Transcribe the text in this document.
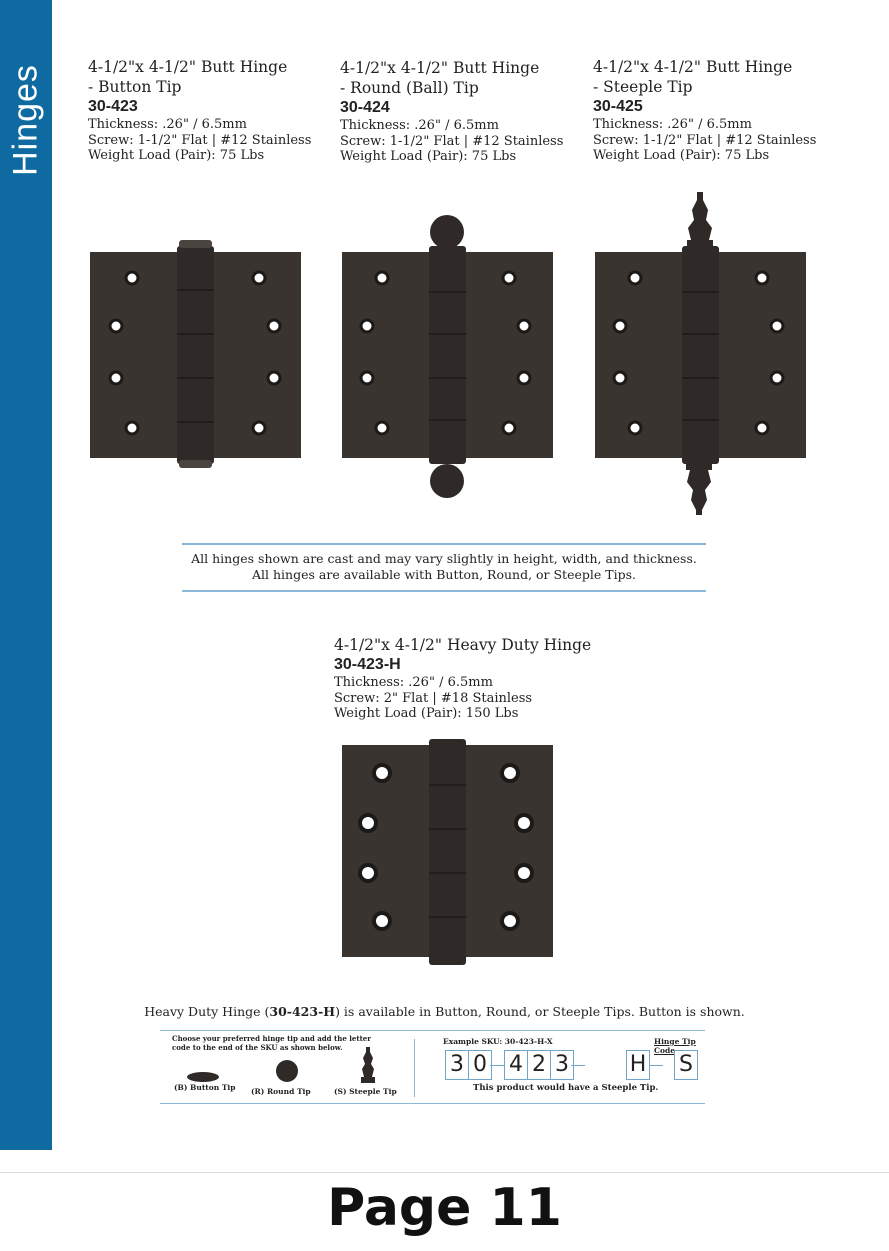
Hinges	4-1/2"x 4-1/2" Butt Hinge
- Button Tip
30-423
Thickness: .26" / 6.5mm
Screw: 1-1/2" Flat | #12 Stainless
Weight Load (Pair): 75 Lbs
4-1/2"x 4-1/2" Butt Hinge
- Round (Ball) Tip
30-424
Thickness: .26" / 6.5mm
Screw: 1-1/2" Flat | #12 Stainless
Weight Load (Pair): 75 Lbs
4-1/2"x 4-1/2" Butt Hinge
- Steeple Tip
30-425
Thickness: .26" / 6.5mm
Screw: 1-1/2" Flat | #12 Stainless
Weight Load (Pair): 75 Lbs
All hinges shown are cast and may vary slightly in height, width, and thickness.
All hinges are available with Button, Round, or Steeple Tips.
4-1/2"x 4-1/2" Heavy Duty Hinge
30-423-H
Thickness: .26" / 6.5mm
Screw: 2" Flat | #18 Stainless
Weight Load (Pair): 150 Lbs
Heavy Duty Hinge (30-423-H) is available in Button, Round, or Steeple Tips. Button is shown.
Choose your preferred hinge tip and add the letter code to the end of the SKU as shown below.
(B) Button Tip (R) Round Tip	(S) Steeple Tip
Example SKU: 30-423-H-X	Hinge Tip Code
3 0 4 2 3	H S
This product would have a Steeple Tip.
Page 11
